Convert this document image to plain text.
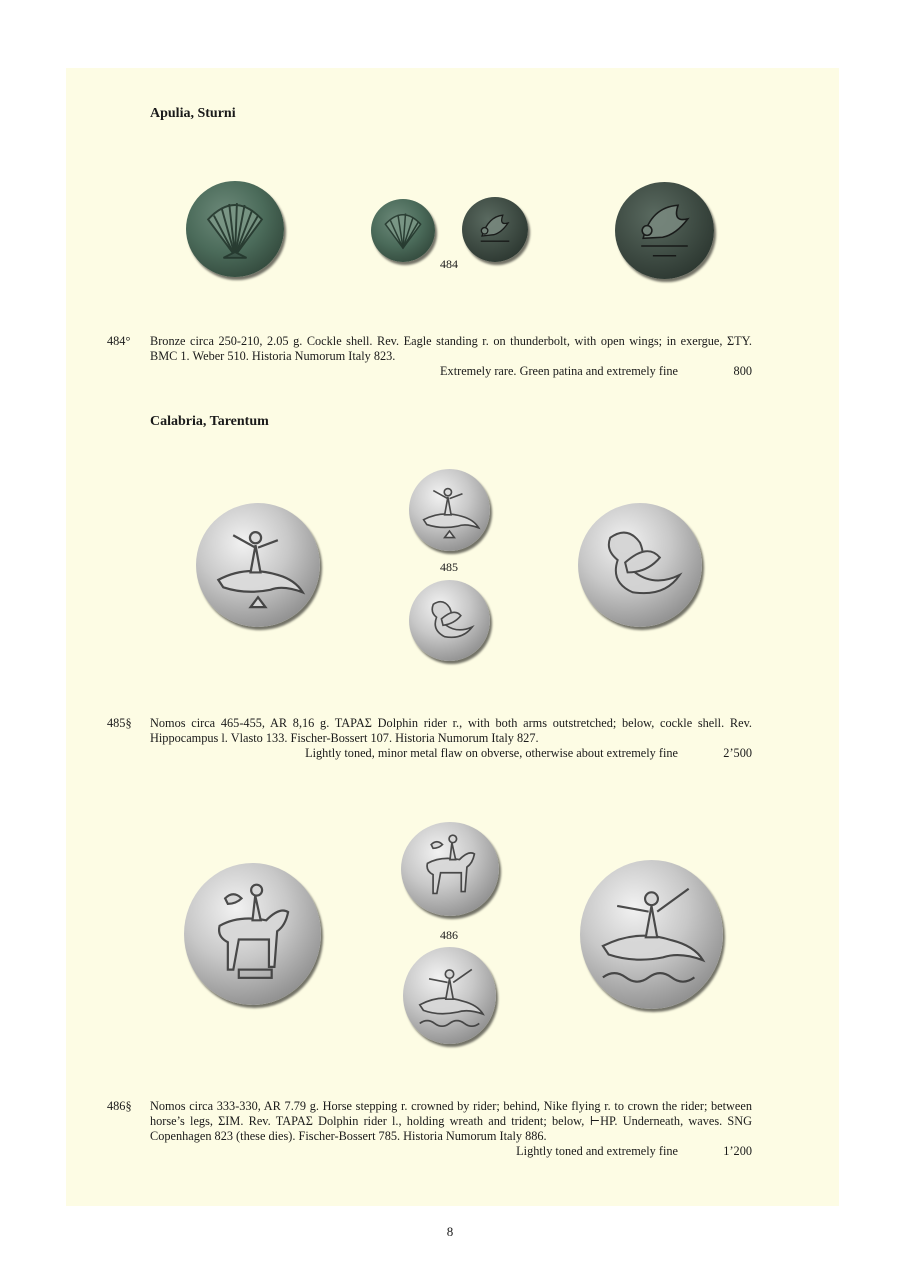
Apulia, Sturni
484
484° Bronze circa 250-210, 2.05 g. Cockle shell. Rev. Eagle standing r. on thunderbolt, with open wings; in exergue, ΣTY. BMC 1. Weber 510. Historia Numorum Italy 823.
Extremely rare. Green patina and extremely fine	800
Calabria, Tarentum
485
485§ Nomos circa 465-455, AR 8,16 g. TAPAΣ Dolphin rider r., with both arms outstretched; below, cockle shell. Rev. Hippocampus l. Vlasto 133. Fischer-Bossert 107. Historia Numorum Italy 827.
Lightly toned, minor metal flaw on obverse, otherwise about extremely fine	2’500
486
486§ Nomos circa 333-330, AR 7.79 g. Horse stepping r. crowned by rider; behind, Nike flying r. to crown the rider; between horse’s legs, ΣIM. Rev. TAPAΣ Dolphin rider l., holding wreath and trident; below, ⊢HP. Underneath, waves. SNG Copenhagen 823 (these dies). Fischer-Bossert 785. Historia Numorum Italy 886.
Lightly toned and extremely fine	1’200
8
